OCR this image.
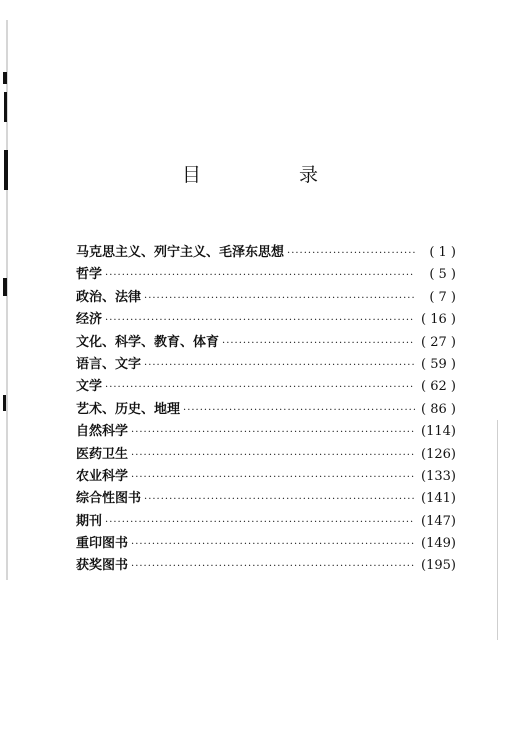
目 录
马克思主义、列宁主义、毛泽东思想 ·····	( 1 )
哲学 ·····	( 5 )
政治、法律 ·····	( 7 )
经济 ·····	( 16 )
文化、科学、教育、体育 ·····	( 27 )
语言、文字 ·····	( 59 )
文学 ·····	( 62 )
艺术、历史、地理 ·····	( 86 )
自然科学 ·····	(114)
医药卫生 ·····	(126)
农业科学 ·····	(133)
综合性图书 ·····	(141)
期刊 ·····	(147)
重印图书 ·····	(149)
获奖图书 ·····	(195)
